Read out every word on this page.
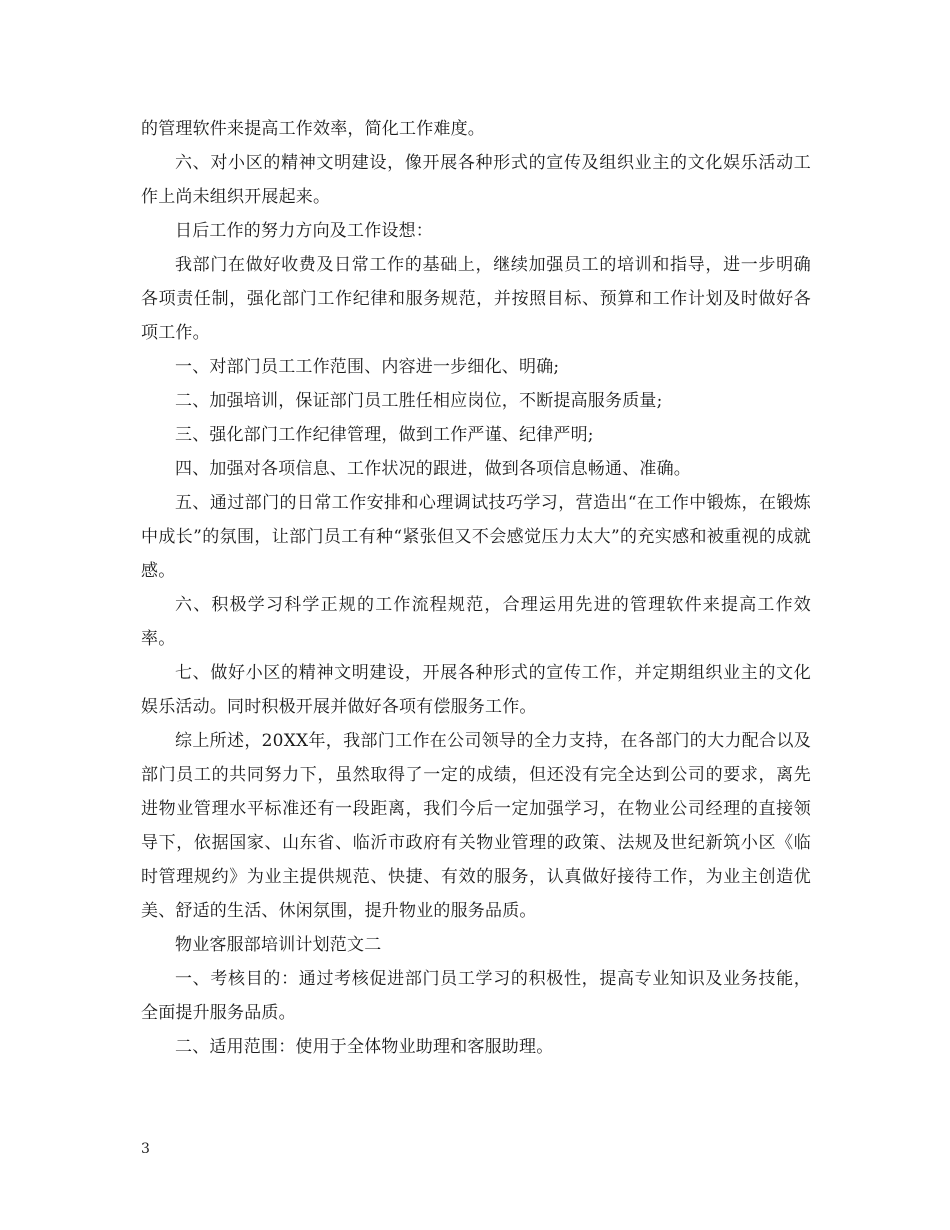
的管理软件来提高工作效率，简化工作难度。

六、对小区的精神文明建设，像开展各种形式的宣传及组织业主的文化娱乐活动工作上尚未组织开展起来。

日后工作的努力方向及工作设想：

我部门在做好收费及日常工作的基础上，继续加强员工的培训和指导，进一步明确各项责任制，强化部门工作纪律和服务规范，并按照目标、预算和工作计划及时做好各项工作。

一、对部门员工工作范围、内容进一步细化、明确;

二、加强培训，保证部门员工胜任相应岗位，不断提高服务质量;

三、强化部门工作纪律管理，做到工作严谨、纪律严明;

四、加强对各项信息、工作状况的跟进，做到各项信息畅通、准确。

五、通过部门的日常工作安排和心理调试技巧学习，营造出“在工作中锻炼，在锻炼中成长”的氛围，让部门员工有种“紧张但又不会感觉压力太大”的充实感和被重视的成就感。

六、积极学习科学正规的工作流程规范，合理运用先进的管理软件来提高工作效率。

七、做好小区的精神文明建设，开展各种形式的宣传工作，并定期组织业主的文化娱乐活动。同时积极开展并做好各项有偿服务工作。

综上所述，20XX年，我部门工作在公司领导的全力支持，在各部门的大力配合以及部门员工的共同努力下，虽然取得了一定的成绩，但还没有完全达到公司的要求，离先进物业管理水平标准还有一段距离，我们今后一定加强学习，在物业公司经理的直接领导下，依据国家、山东省、临沂市政府有关物业管理的政策、法规及世纪新筑小区《临时管理规约》为业主提供规范、快捷、有效的服务，认真做好接待工作，为业主创造优美、舒适的生活、休闲氛围，提升物业的服务品质。

物业客服部培训计划范文二

一、考核目的：通过考核促进部门员工学习的积极性，提高专业知识及业务技能，全面提升服务品质。

二、适用范围：使用于全体物业助理和客服助理。

3
